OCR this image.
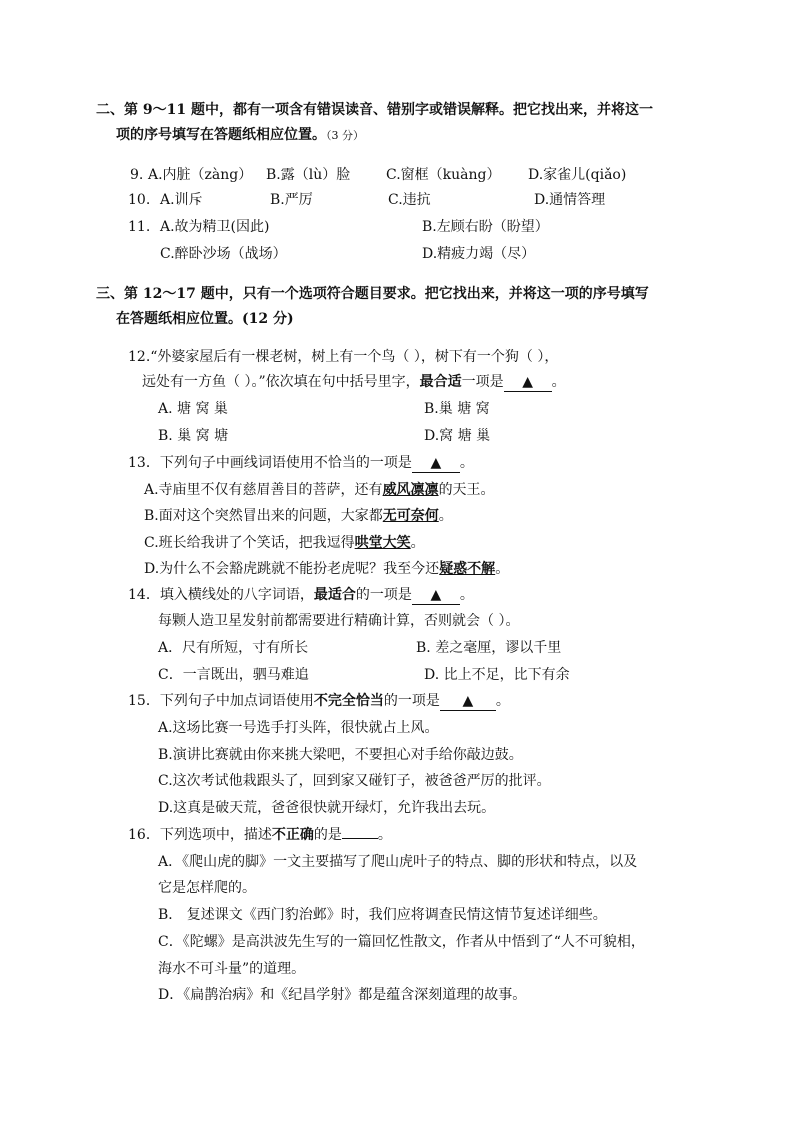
二、第 9～11 题中，都有一项含有错误读音、错别字或错误解释。把它找出来，并将这一
项的序号填写在答题纸相应位置。（3 分）
9. A.内脏（zàng） B.露（lù）脸	C.窗框（kuàng） D.家雀儿(qiǎo)
10. A.训斥	B.严厉	C.违抗	D.通情答理
11. A.故为精卫(因此)	B.左顾右盼（盼望）
C.醉卧沙场（战场）	D.精疲力竭（尽）
三、第 12～17 题中，只有一个选项符合题目要求。把它找出来，并将这一项的序号填写
在答题纸相应位置。(12 分)
12.“外婆家屋后有一棵老树，树上有一个鸟（ ），树下有一个狗（ ），
远处有一方鱼（ ）。”依次填在句中括号里字，最合适一项是 ▲ 。
A. 塘 窝 巢	B.巢 塘 窝
B. 巢 窝 塘	D.窝 塘 巢
13．下列句子中画线词语使用不恰当的一项是 ▲ 。
A.寺庙里不仅有慈眉善目的菩萨，还有威风凛凛的天王。
B.面对这个突然冒出来的问题，大家都无可奈何。
C.班长给我讲了个笑话，把我逗得哄堂大笑。
D.为什么不会豁虎跳就不能扮老虎呢？我至今还疑惑不解。
14．填入横线处的八字词语，最适合的一项是 ▲ 。
每颗人造卫星发射前都需要进行精确计算，否则就会（ ）。
A．尺有所短，寸有所长	B. 差之毫厘，谬以千里
C．一言既出，驷马难追	D. 比上不足，比下有余
15．下列句子中加点词语使用不完全恰当的一项是 ▲ 。
A.这场比赛一号选手打头阵，很快就占上风。
B.演讲比赛就由你来挑大梁吧，不要担心对手给你敲边鼓。
C.这次考试他栽跟头了，回到家又碰钉子，被爸爸严厉的批评。
D.这真是破天荒，爸爸很快就开绿灯，允许我出去玩。
16．下列选项中，描述不正确的是	。
A．《爬山虎的脚》一文主要描写了爬山虎叶子的特点、脚的形状和特点，以及
它是怎样爬的。
B． 复述课文《西门豹治邺》时，我们应将调查民情这情节复述详细些。
C．《陀螺》是高洪波先生写的一篇回忆性散文，作者从中悟到了“人不可貌相，
海水不可斗量”的道理。
D．《扁鹊治病》和《纪昌学射》都是蕴含深刻道理的故事。
